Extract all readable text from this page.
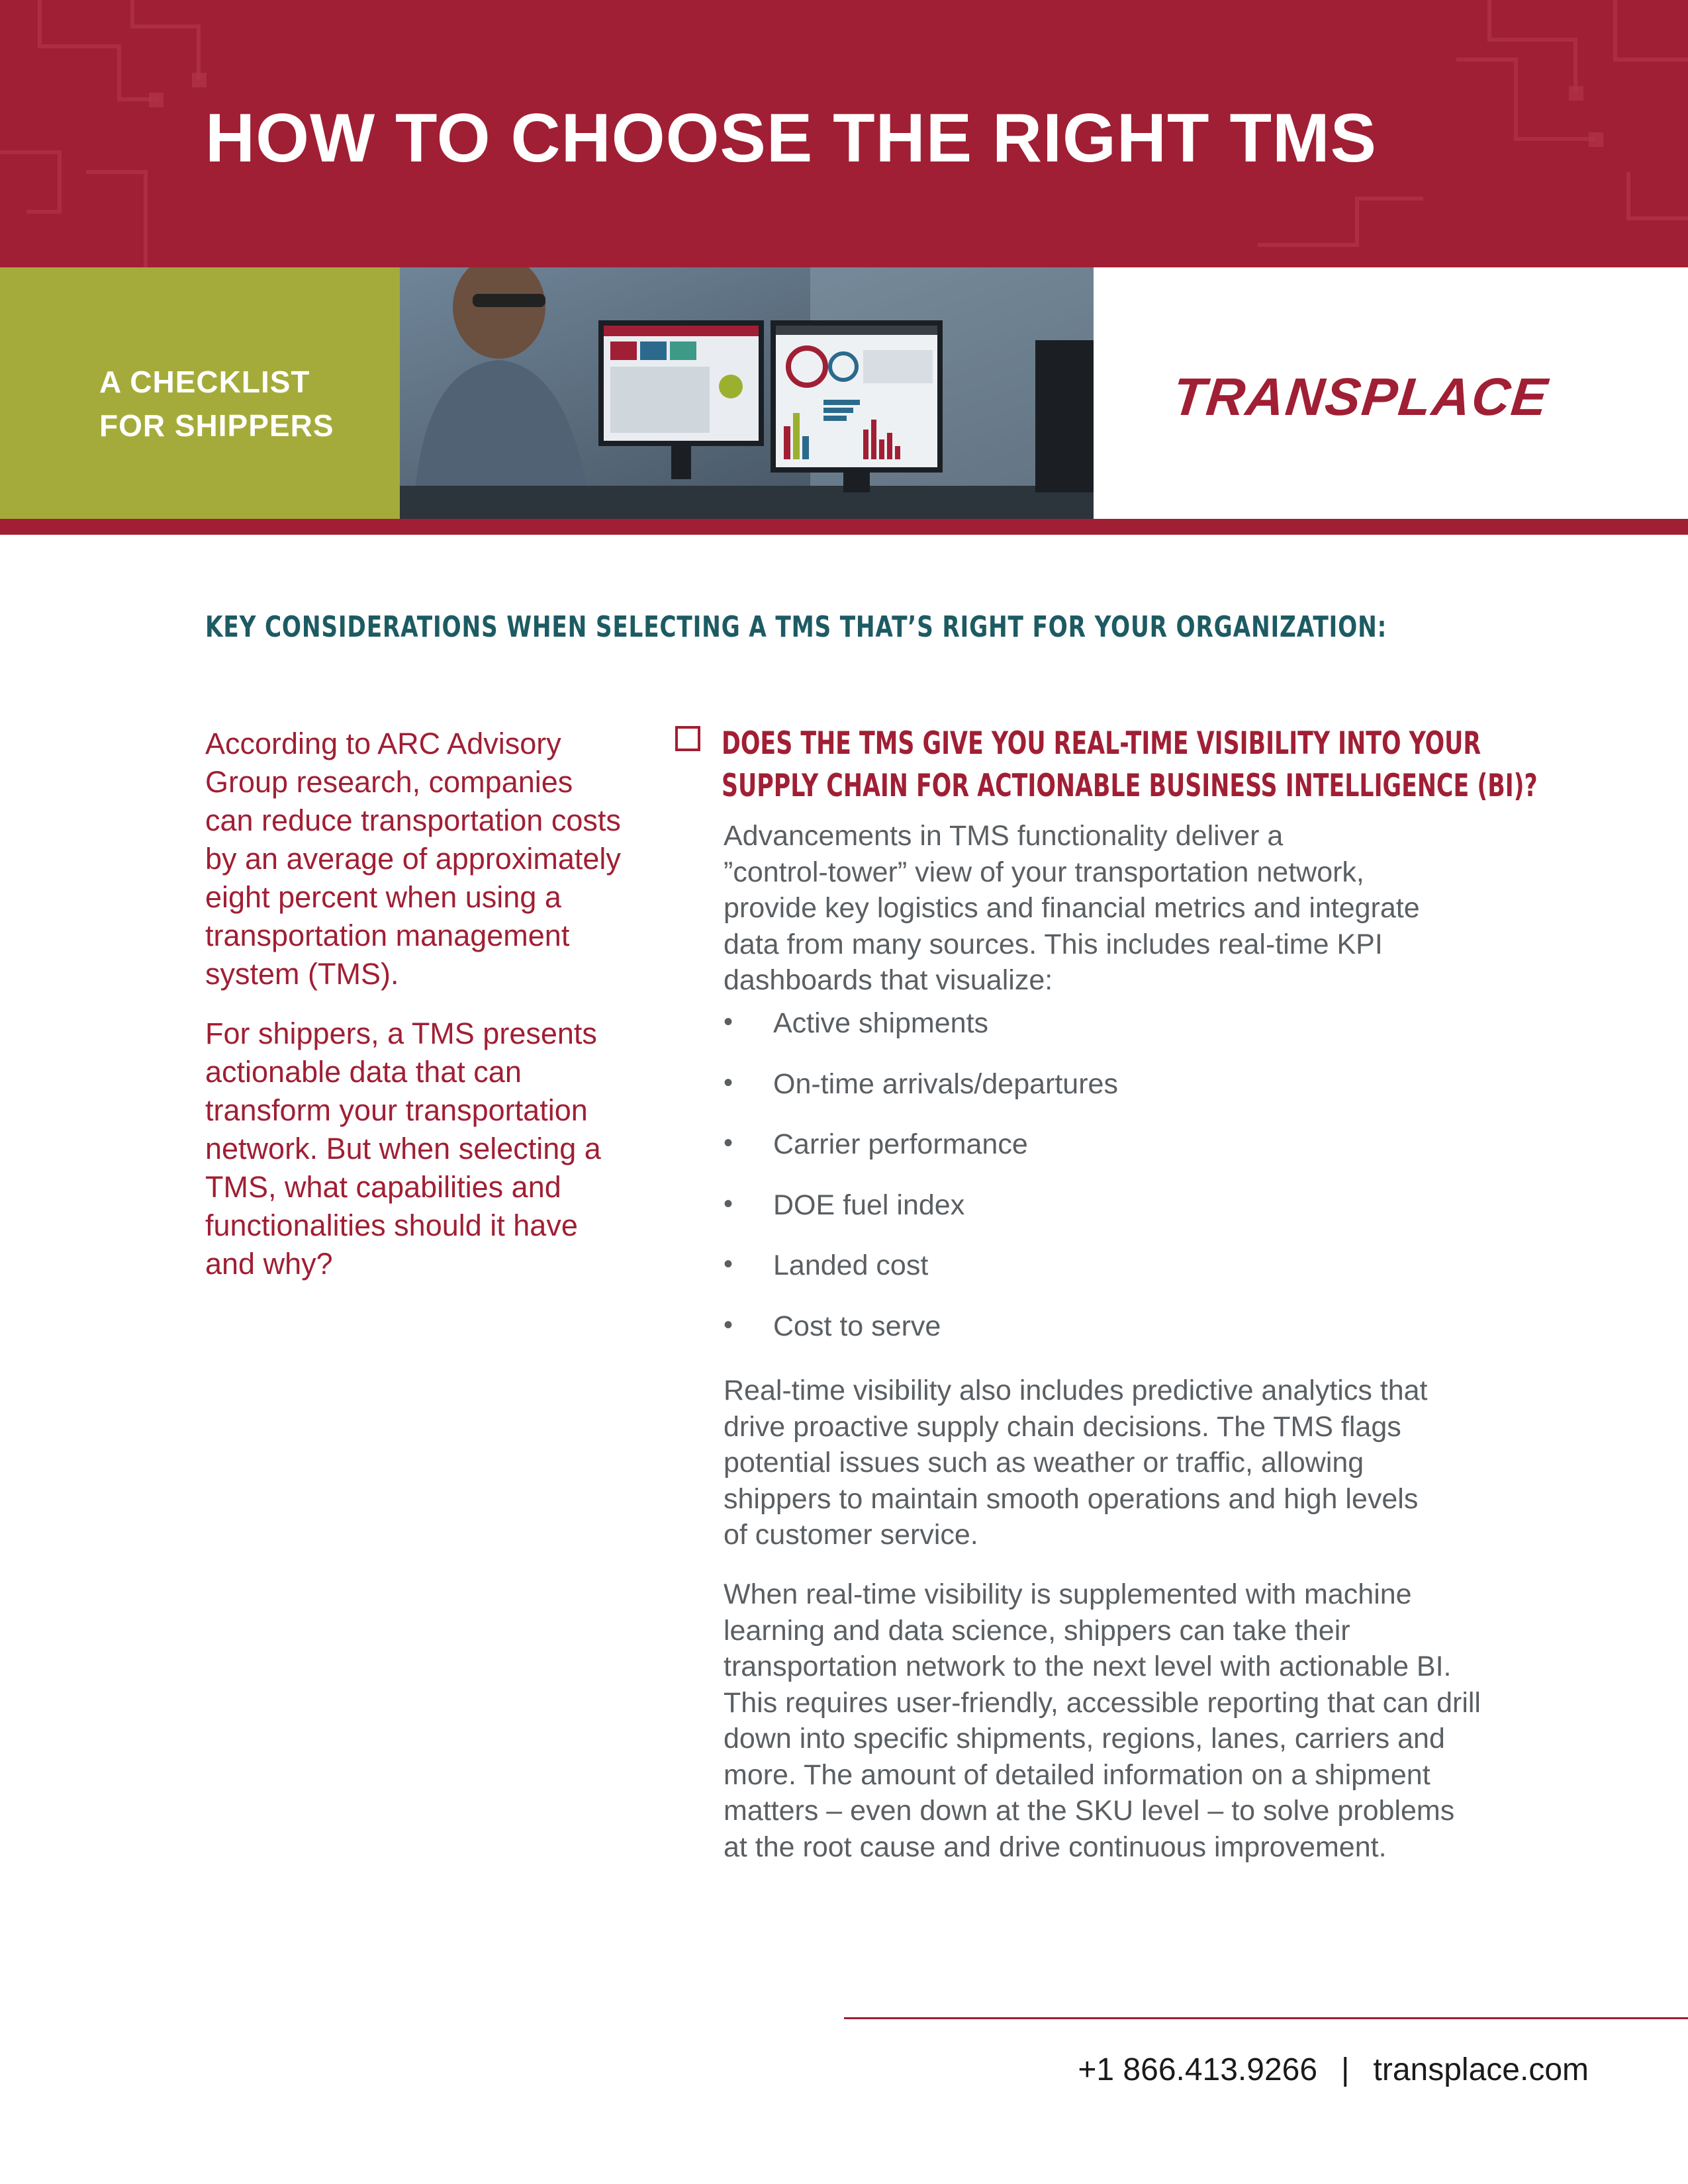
HOW TO CHOOSE THE RIGHT TMS
A CHECKLIST
FOR SHIPPERS	TRANSPLACE
KEY CONSIDERATIONS WHEN SELECTING A TMS THAT’S RIGHT FOR YOUR ORGANIZATION:

According to ARC Advisory Group research, companies can reduce transportation costs by an average of approximately eight percent when using a transportation management system (TMS).

For shippers, a TMS presents actionable data that can transform your transportation network. But when selecting a TMS, what capabilities and functionalities should it have and why?

DOES THE TMS GIVE YOU REAL-TIME VISIBILITY INTO YOUR
SUPPLY CHAIN FOR ACTIONABLE BUSINESS INTELLIGENCE (BI)?
Advancements in TMS functionality deliver a
”control-tower” view of your transportation network,
provide key logistics and financial metrics and integrate
data from many sources. This includes real-time KPI
dashboards that visualize:
•	Active shipments
•	On-time arrivals/departures
•	Carrier performance
•	DOE fuel index
•	Landed cost
•	Cost to serve
Real-time visibility also includes predictive analytics that
drive proactive supply chain decisions. The TMS flags
potential issues such as weather or traffic, allowing
shippers to maintain smooth operations and high levels
of customer service.
When real-time visibility is supplemented with machine
learning and data science, shippers can take their
transportation network to the next level with actionable BI.
This requires user-friendly, accessible reporting that can drill
down into specific shipments, regions, lanes, carriers and
more. The amount of detailed information on a shipment
matters – even down at the SKU level – to solve problems
at the root cause and drive continuous improvement.
+1 866.413.9266 | transplace.com
